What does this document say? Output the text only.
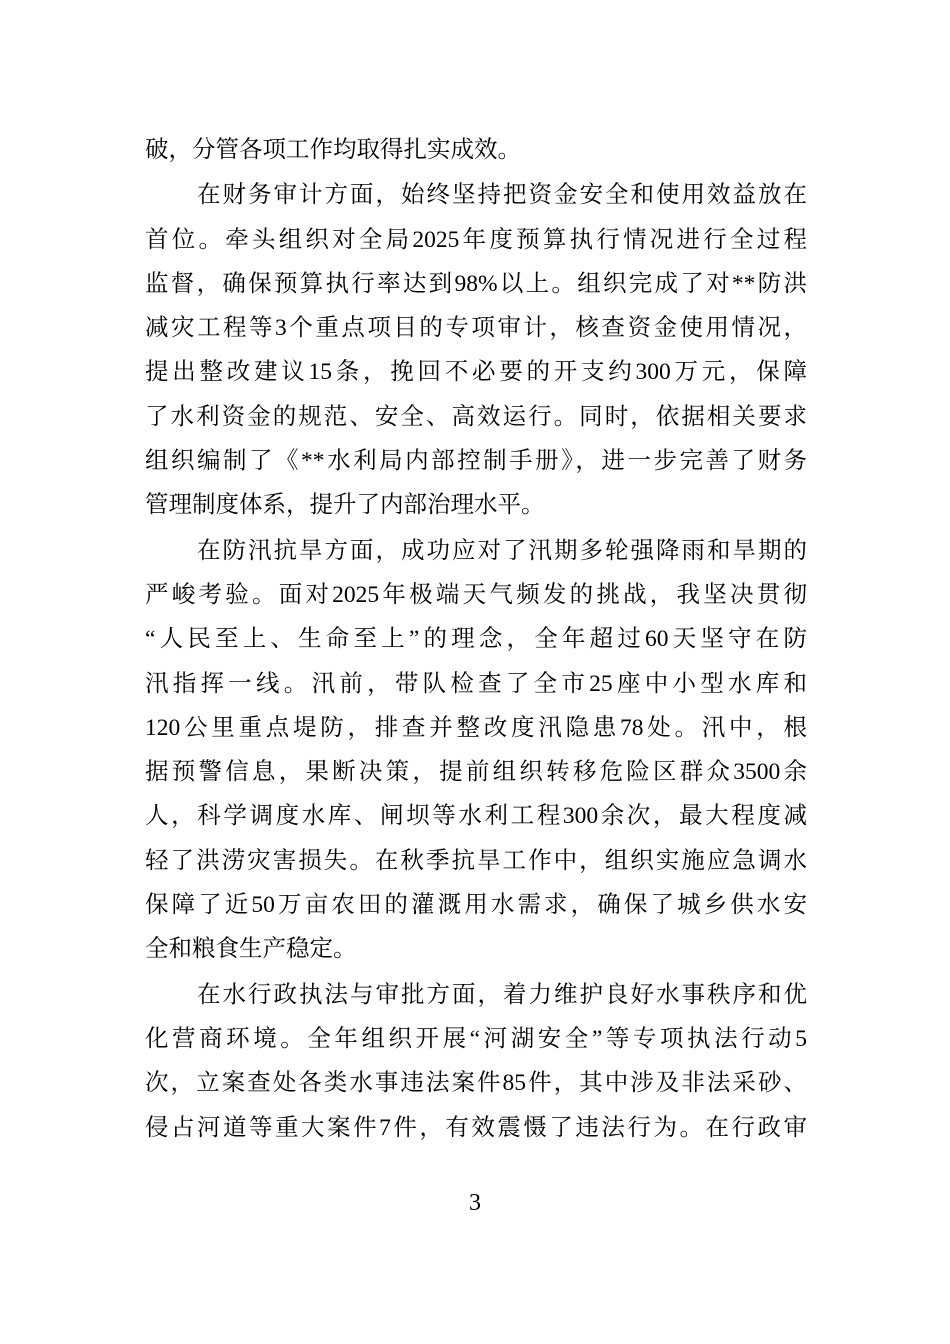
破，分管各项工作均取得扎实成效。
在财务审计方面，始终坚持把资金安全和使用效益放在
首位。牵头组织对全局2025年度预算执行情况进行全过程
监督，确保预算执行率达到98%以上。组织完成了对**防洪
减灾工程等3个重点项目的专项审计，核查资金使用情况，
提出整改建议15条，挽回不必要的开支约300万元，保障
了水利资金的规范、安全、高效运行。同时，依据相关要求
组织编制了《**水利局内部控制手册》，进一步完善了财务
管理制度体系，提升了内部治理水平。
在防汛抗旱方面，成功应对了汛期多轮强降雨和旱期的
严峻考验。面对2025年极端天气频发的挑战，我坚决贯彻
“人民至上、生命至上”的理念，全年超过60天坚守在防
汛指挥一线。汛前，带队检查了全市25座中小型水库和
120公里重点堤防，排查并整改度汛隐患78处。汛中，根
据预警信息，果断决策，提前组织转移危险区群众3500余
人，科学调度水库、闸坝等水利工程300余次，最大程度减
轻了洪涝灾害损失。在秋季抗旱工作中，组织实施应急调水
保障了近50万亩农田的灌溉用水需求，确保了城乡供水安
全和粮食生产稳定。
在水行政执法与审批方面，着力维护良好水事秩序和优
化营商环境。全年组织开展“河湖安全”等专项执法行动5
次，立案查处各类水事违法案件85件，其中涉及非法采砂、
侵占河道等重大案件7件，有效震慑了违法行为。在行政审
3
